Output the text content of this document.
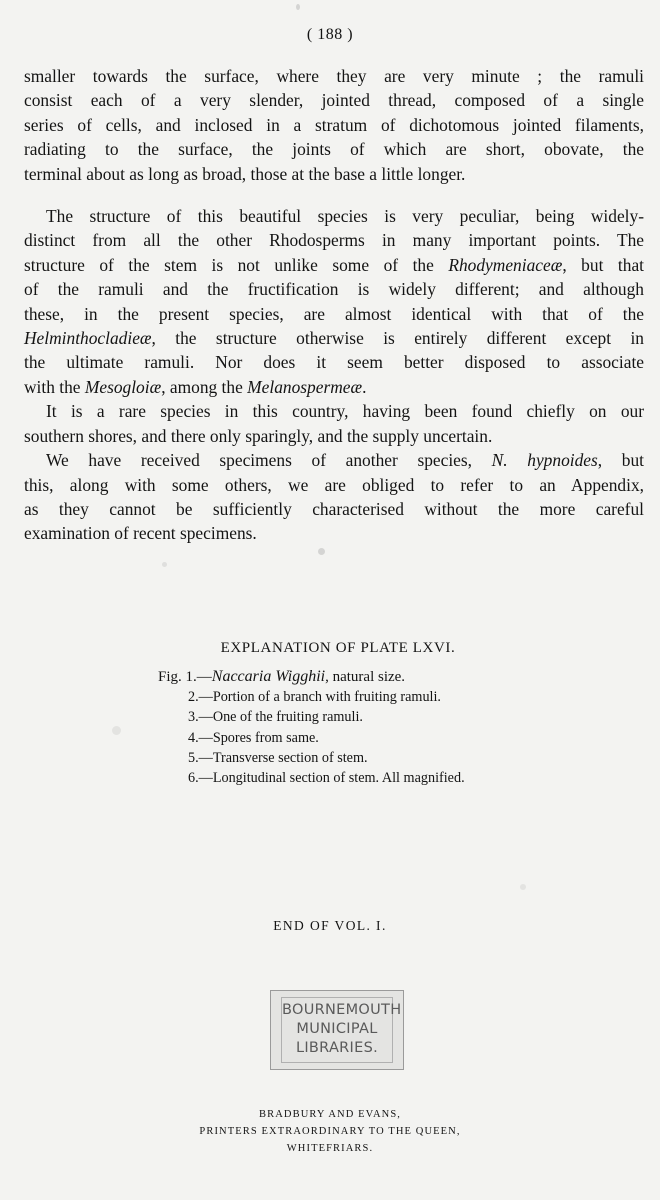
( 188 )

smaller towards the surface, where they are very minute ; the ramuli
consist each of a very slender, jointed thread, composed of a single
series of cells, and inclosed in a stratum of dichotomous jointed filaments,
radiating to the surface, the joints of which are short, obovate, the
terminal about as long as broad, those at the base a little longer.

The structure of this beautiful species is very peculiar, being widely-
distinct from all the other Rhodosperms in many important points. The
structure of the stem is not unlike some of the Rhodymeniaceæ, but that
of the ramuli and the fructification is widely different; and although
these, in the present species, are almost identical with that of the
Helminthocladieæ, the structure otherwise is entirely different except in
the ultimate ramuli. Nor does it seem better disposed to associate
with the Mesogloiæ, among the Melanospermeæ.

It is a rare species in this country, having been found chiefly on our
southern shores, and there only sparingly, and the supply uncertain.

We have received specimens of another species, N. hypnoides, but
this, along with some others, we are obliged to refer to an Appendix,
as they cannot be sufficiently characterised without the more careful
examination of recent specimens.

EXPLANATION OF PLATE LXVI.
Fig. 1.—Naccaria Wigghii, natural size.
2.—Portion of a branch with fruiting ramuli.
3.—One of the fruiting ramuli.
4.—Spores from same.
5.—Transverse section of stem.
6.—Longitudinal section of stem. All magnified.
END OF VOL. I.
BOURNEMOUTH
MUNICIPAL
LIBRARIES.
BRADBURY AND EVANS,
PRINTERS EXTRAORDINARY TO THE QUEEN,
WHITEFRIARS.
